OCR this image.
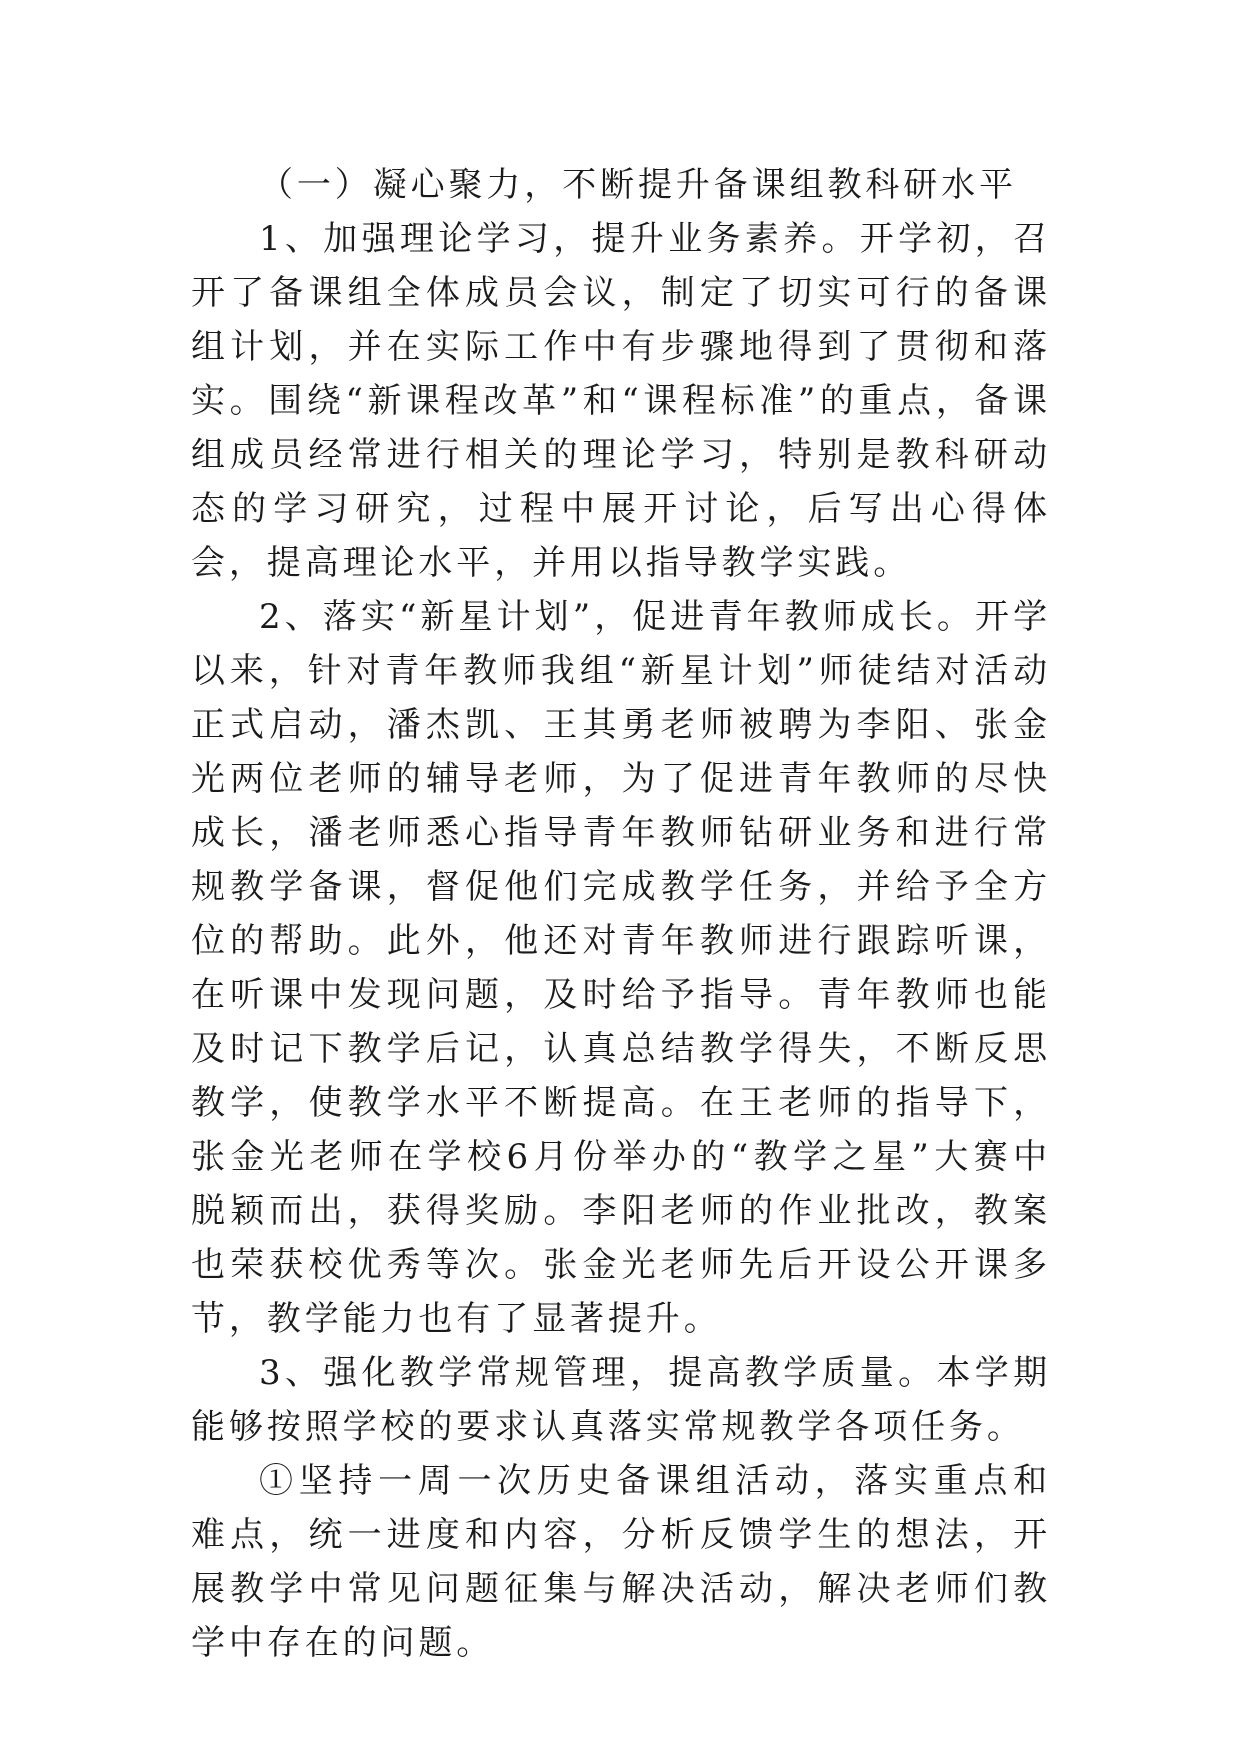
（一）凝心聚力，不断提升备课组教科研水平

1、加强理论学习，提升业务素养。开学初，召开了备课组全体成员会议，制定了切实可行的备课组计划，并在实际工作中有步骤地得到了贯彻和落实。围绕“新课程改革”和“课程标准”的重点，备课组成员经常进行相关的理论学习，特别是教科研动态的学习研究，过程中展开讨论，后写出心得体会，提高理论水平，并用以指导教学实践。

2、落实“新星计划”，促进青年教师成长。开学以来，针对青年教师我组“新星计划”师徒结对活动正式启动，潘杰凯、王其勇老师被聘为李阳、张金光两位老师的辅导老师，为了促进青年教师的尽快成长，潘老师悉心指导青年教师钻研业务和进行常规教学备课，督促他们完成教学任务，并给予全方位的帮助。此外，他还对青年教师进行跟踪听课，在听课中发现问题，及时给予指导。青年教师也能及时记下教学后记，认真总结教学得失，不断反思教学，使教学水平不断提高。在王老师的指导下，张金光老师在学校6月份举办的“教学之星”大赛中脱颖而出，获得奖励。李阳老师的作业批改，教案也荣获校优秀等次。张金光老师先后开设公开课多节，教学能力也有了显著提升。

3、强化教学常规管理，提高教学质量。本学期能够按照学校的要求认真落实常规教学各项任务。

①坚持一周一次历史备课组活动，落实重点和难点，统一进度和内容，分析反馈学生的想法，开展教学中常见问题征集与解决活动，解决老师们教学中存在的问题。
